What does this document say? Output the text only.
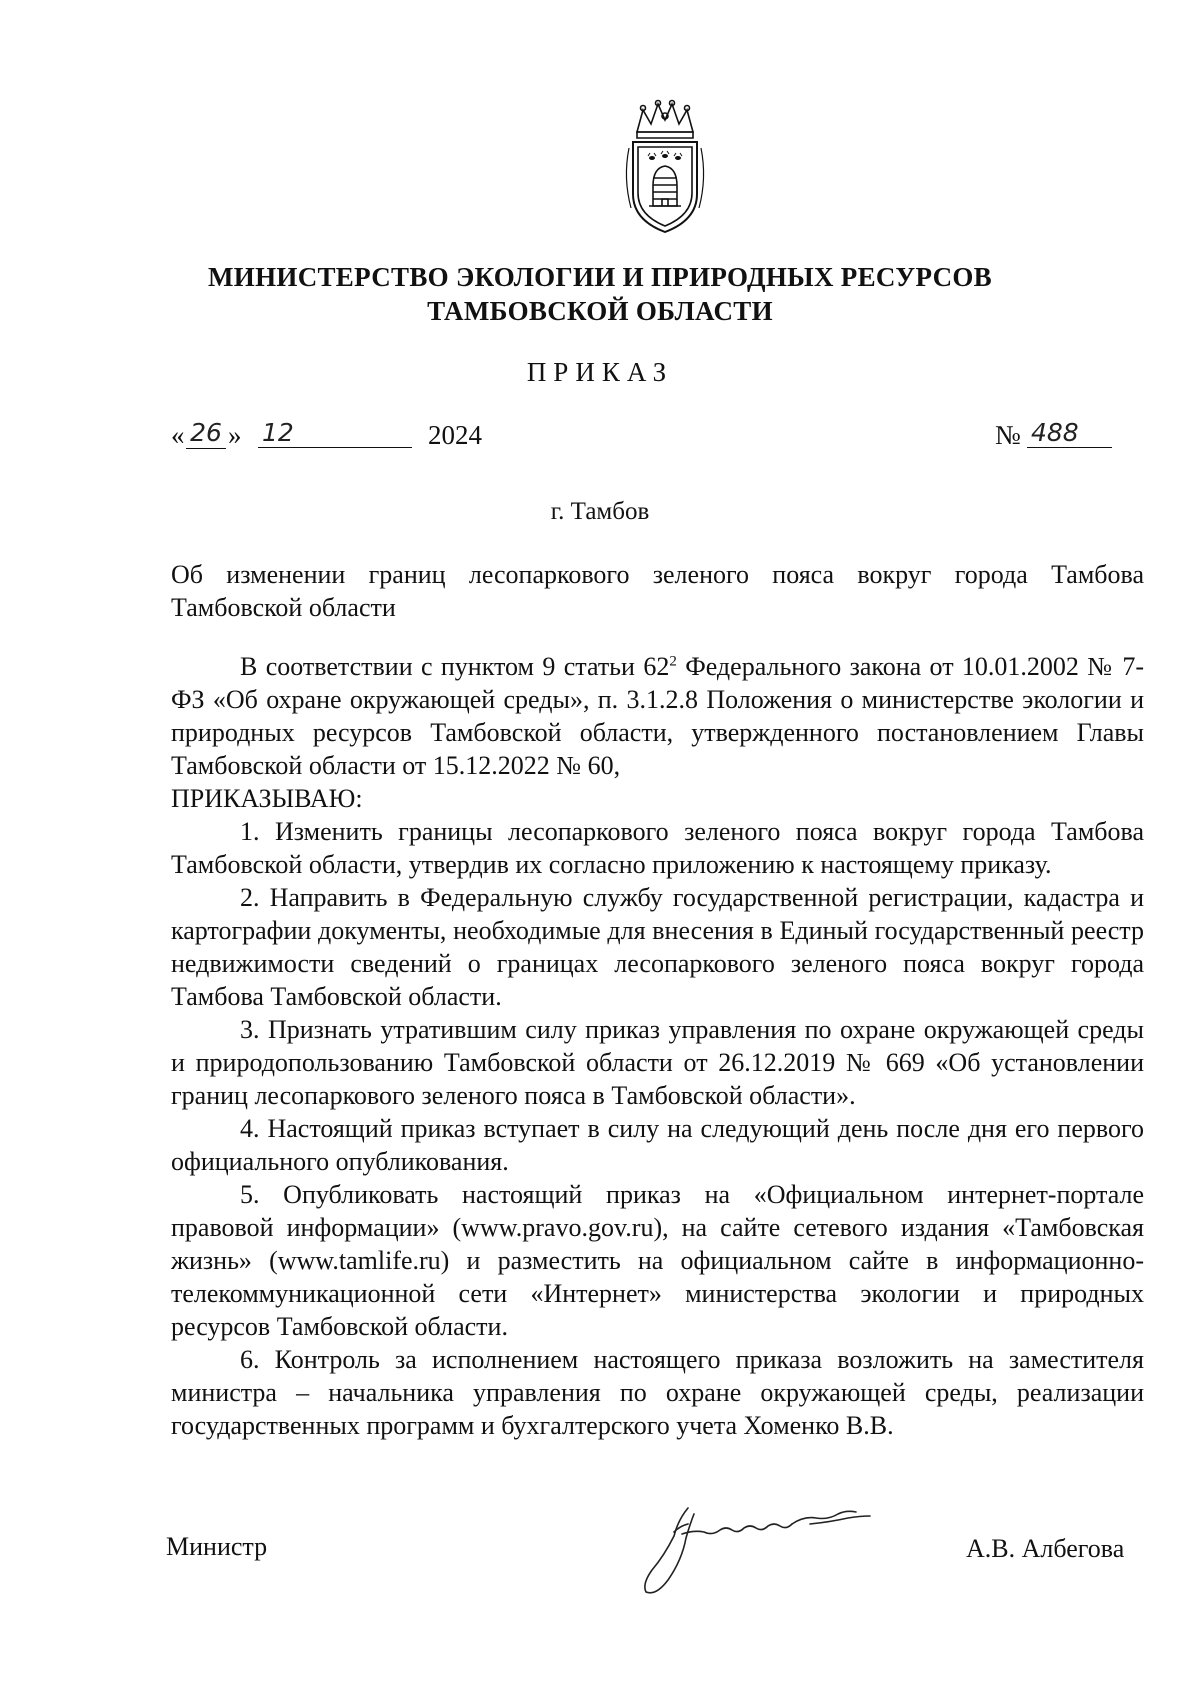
МИНИСТЕРСТВО ЭКОЛОГИИ И ПРИРОДНЫХ РЕСУРСОВ
ТАМБОВСКОЙ ОБЛАСТИ
ПРИКАЗ
« 26 » 12	2024	№ 488
г. Тамбов
Об изменении границ лесопаркового зеленого пояса вокруг города Тамбова Тамбовской области

В соответствии с пунктом 9 статьи $62^2$ Федерального закона от 10.01.2002 № 7-ФЗ «Об охране окружающей среды», п. 3.1.2.8 Положения о министерстве экологии и природных ресурсов Тамбовской области, утвержденного постановлением Главы Тамбовской области от 15.12.2022 № 60,

ПРИКАЗЫВАЮ:

1. Изменить границы лесопаркового зеленого пояса вокруг города Тамбова Тамбовской области, утвердив их согласно приложению к настоящему приказу.

2. Направить в Федеральную службу государственной регистрации, кадастра и картографии документы, необходимые для внесения в Единый государственный реестр недвижимости сведений о границах лесопаркового зеленого пояса вокруг города Тамбова Тамбовской области.

3. Признать утратившим силу приказ управления по охране окружающей среды и природопользованию Тамбовской области от 26.12.2019 № 669 «Об установлении границ лесопаркового зеленого пояса в Тамбовской области».

4. Настоящий приказ вступает в силу на следующий день после дня его первого официального опубликования.

5. Опубликовать настоящий приказ на «Официальном интернет-портале правовой информации» (www.pravo.gov.ru), на сайте сетевого издания «Тамбовская жизнь» (www.tamlife.ru) и разместить на официальном сайте в информационно-телекоммуникационной сети «Интернет» министерства экологии и природных ресурсов Тамбовской области.

6. Контроль за исполнением настоящего приказа возложить на заместителя министра – начальника управления по охране окружающей среды, реализации государственных программ и бухгалтерского учета Хоменко В.В.

Министр	А.В. Албегова
